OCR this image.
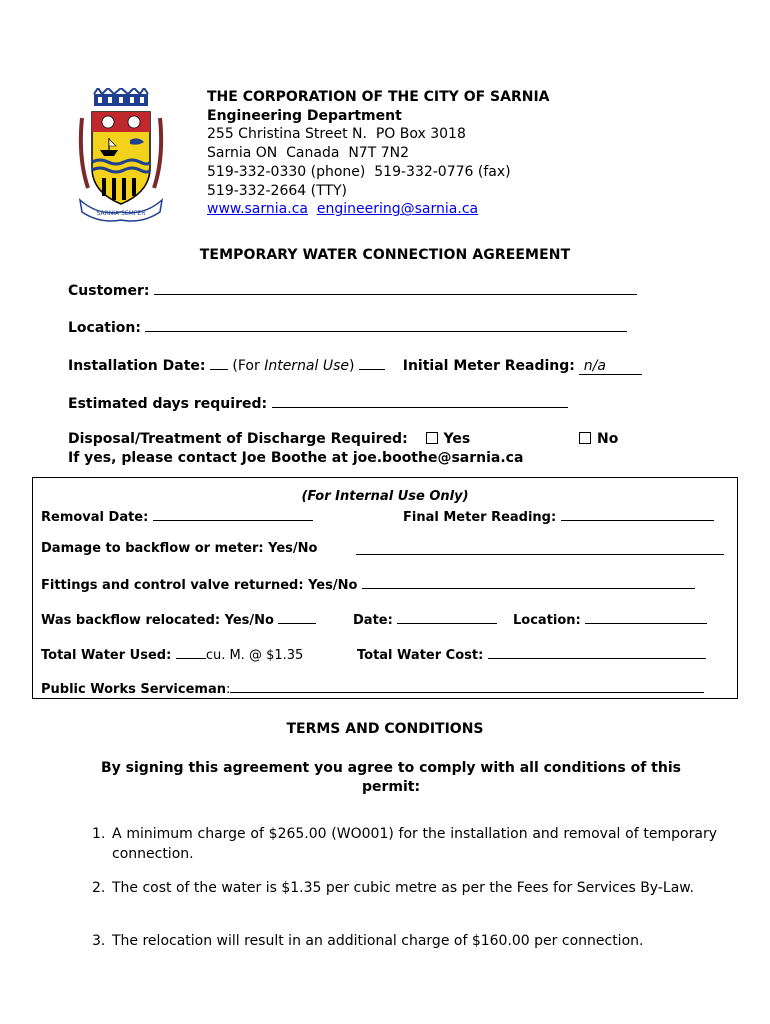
SARNIA SEMPER
THE CORPORATION OF THE CITY OF SARNIA
Engineering Department
255 Christina Street N.  PO Box 3018
Sarnia ON  Canada  N7T 7N2
519-332-0330 (phone)  519-332-0776 (fax)
519-332-2664 (TTY)
www.sarnia.ca engineering@sarnia.ca
TEMPORARY WATER CONNECTION AGREEMENT
Customer:
Location:
Installation Date: (For Internal Use)	Initial Meter Reading: n/a
Estimated days required:
Disposal/Treatment of Discharge Required:	Yes	No
If yes, please contact Joe Boothe at joe.boothe@sarnia.ca
(For Internal Use Only)
Removal Date:	Final Meter Reading:
Damage to backflow or meter: Yes/No
Fittings and control valve returned: Yes/No
Was backflow relocated: Yes/No	Date:	Location:
Total Water Used:	cu. M. @ $1.35	Total Water Cost:
Public Works Serviceman:
TERMS AND CONDITIONS
By signing this agreement you agree to comply with all conditions of this permit:
1. A minimum charge of $265.00 (WO001) for the installation and removal of temporary connection.
2. The cost of the water is $1.35 per cubic metre as per the Fees for Services By-Law.
3. The relocation will result in an additional charge of $160.00 per connection.
